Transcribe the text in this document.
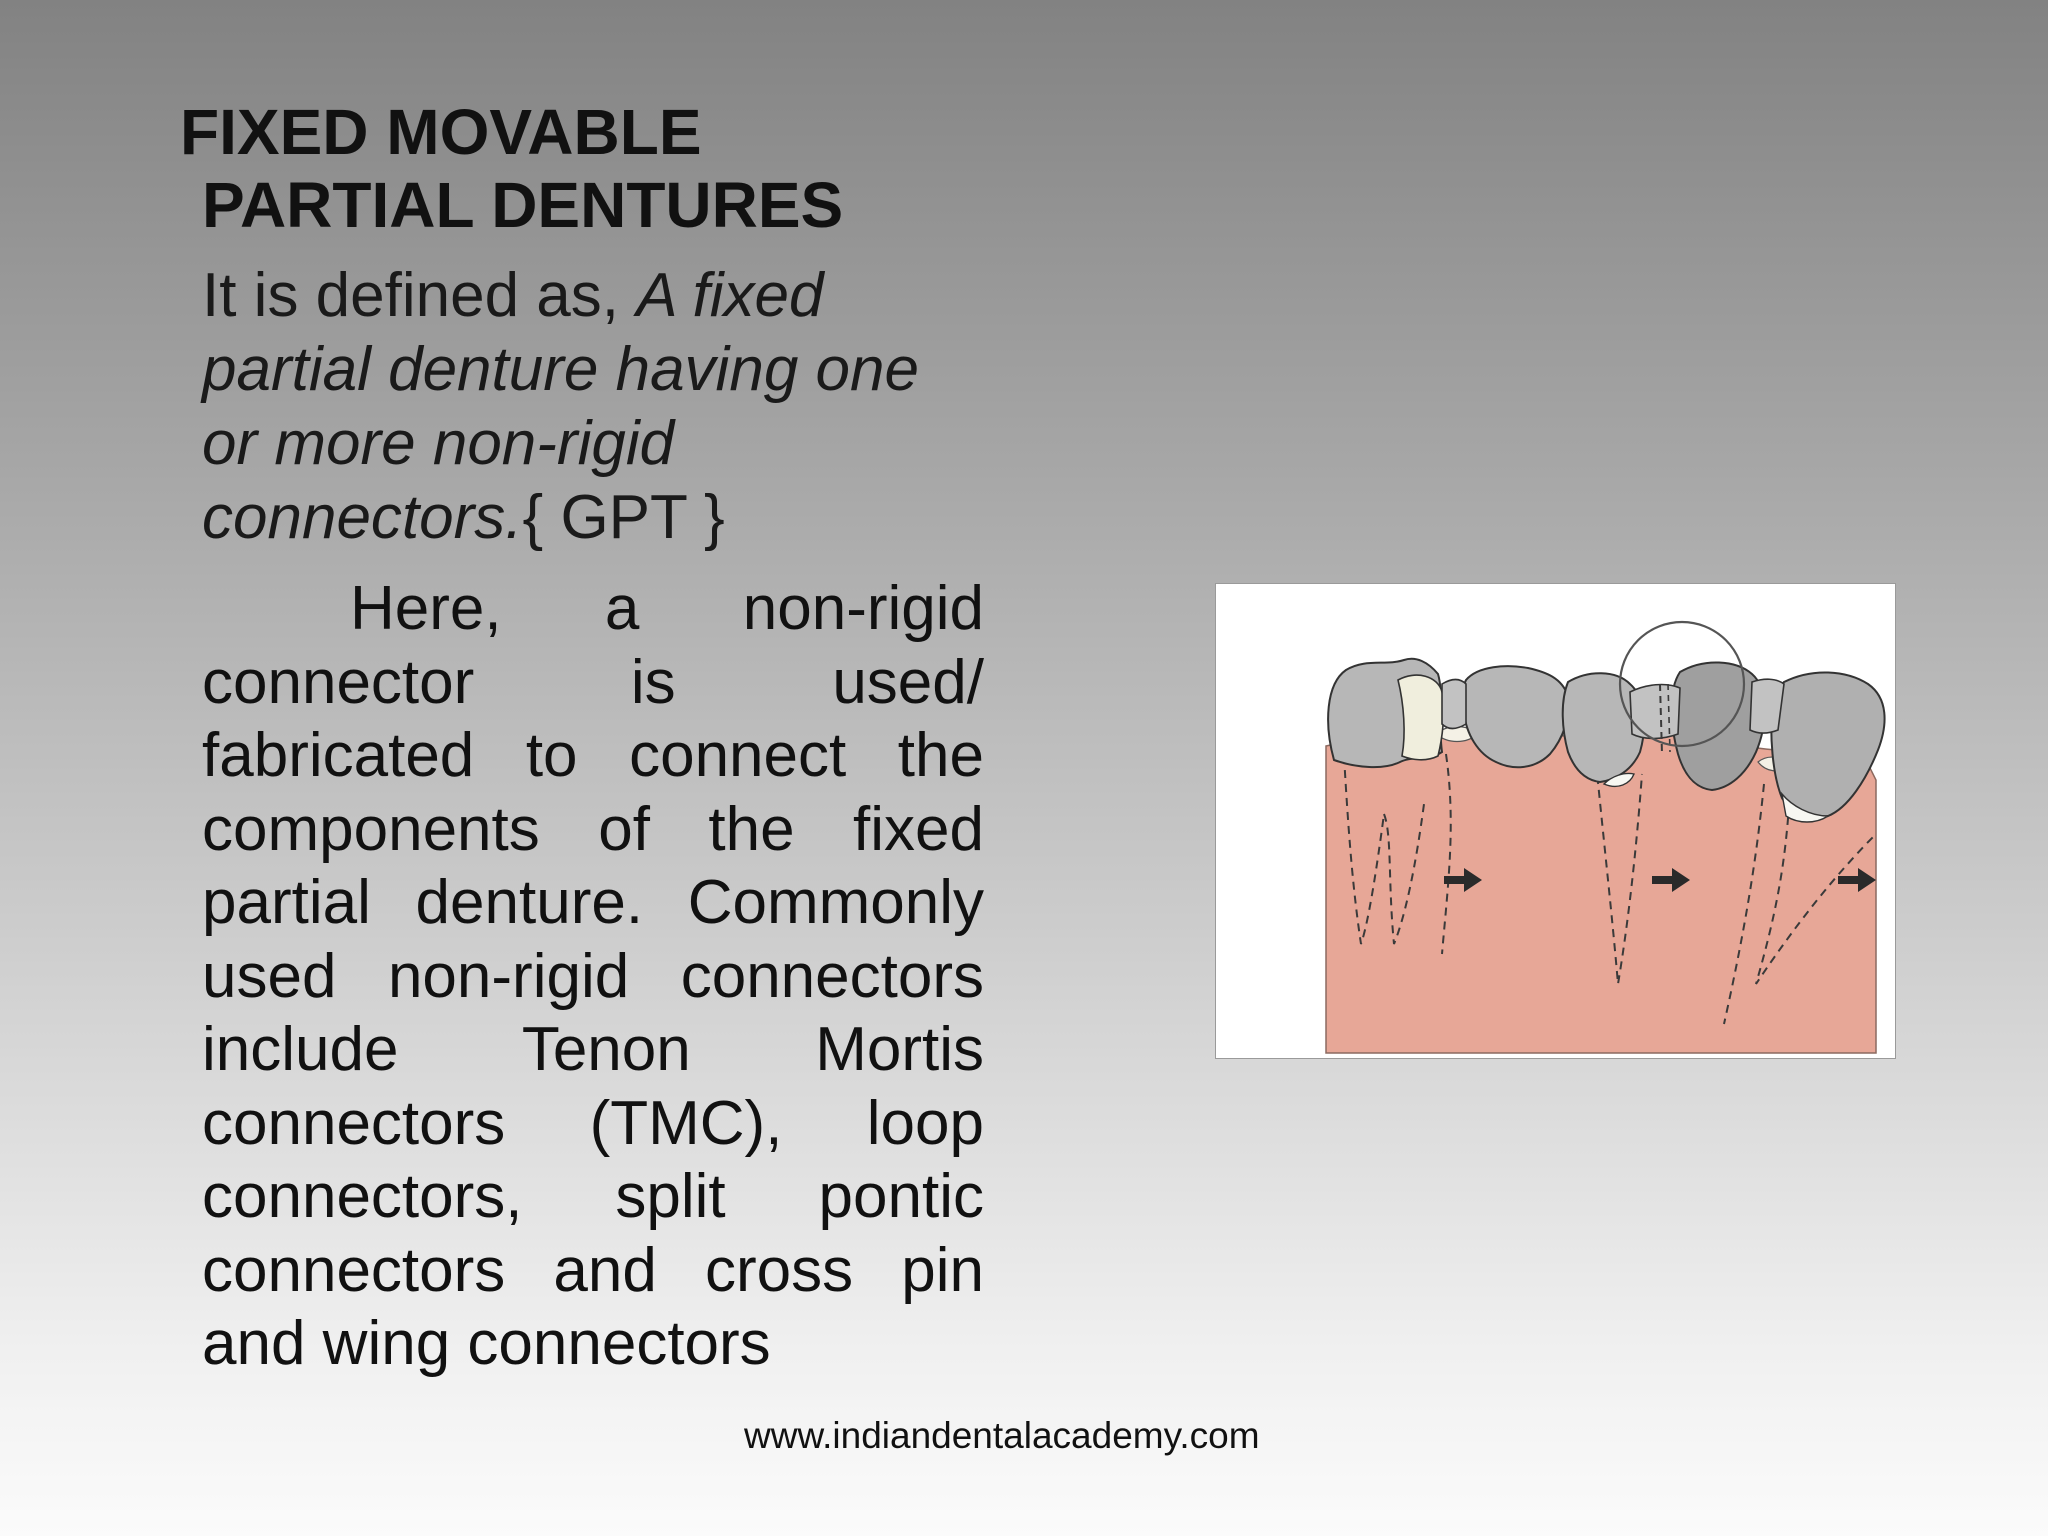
FIXED MOVABLE
PARTIAL DENTURES

It is defined as, A fixed partial denture having one or more non-rigid connectors.{ GPT }

Here, a non-rigid connector is used/ fabricated to connect the components of the fixed partial denture. Commonly used non-rigid connectors include Tenon Mortis connectors (TMC), loop connectors, split pontic connectors and cross pin and wing connectors

www.indiandentalacademy.com
